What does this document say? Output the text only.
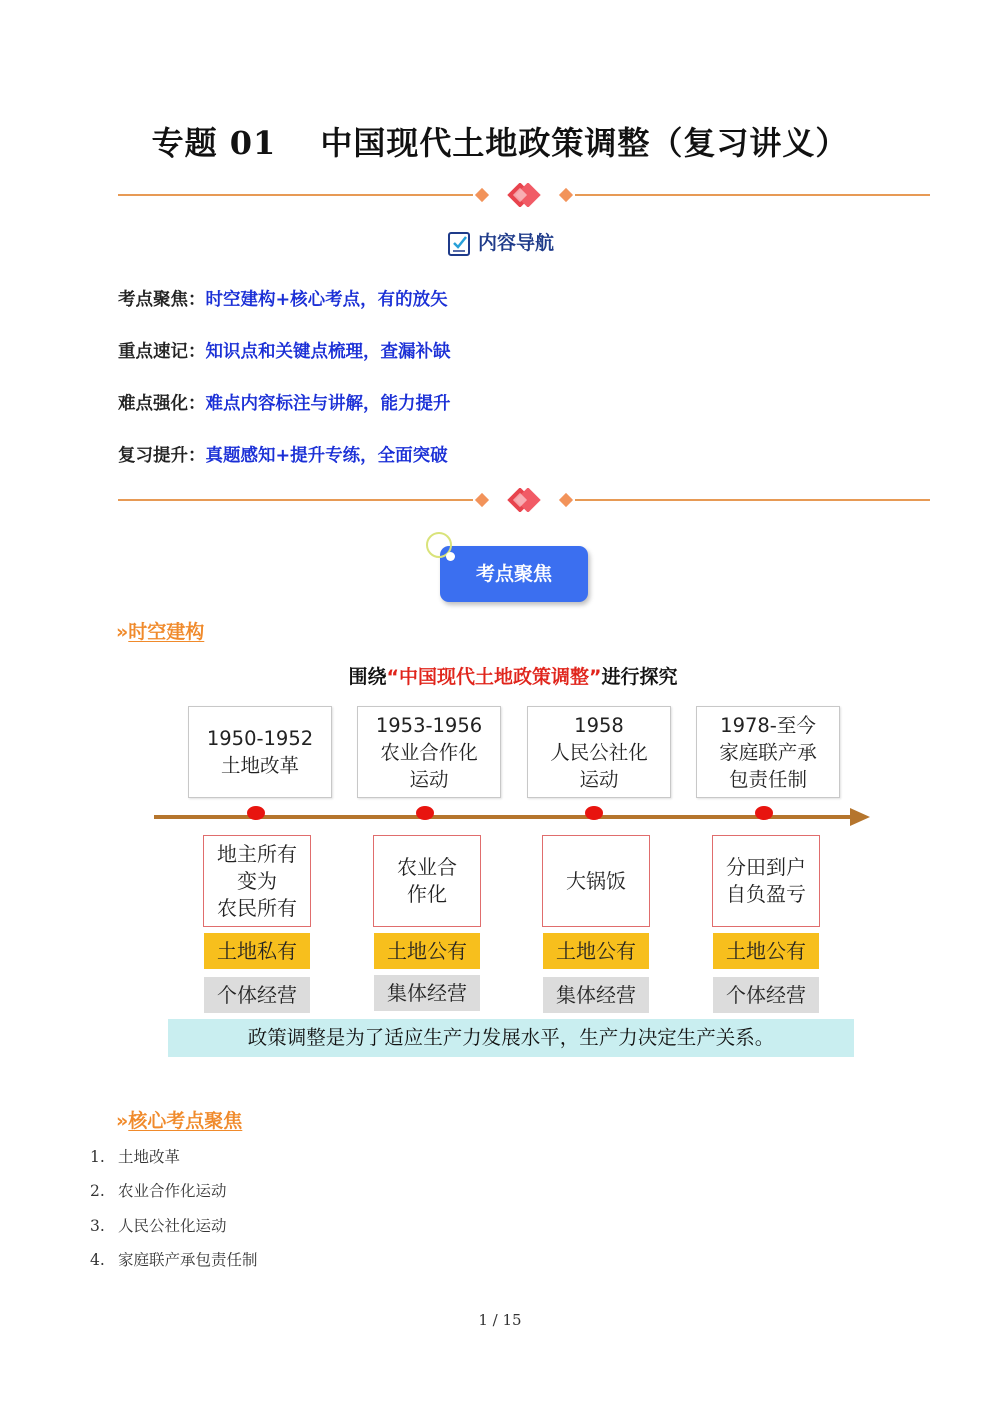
专题 01 中国现代土地政策调整（复习讲义）
内容导航
考点聚焦：时空建构+核心考点，有的放矢
重点速记：知识点和关键点梳理，查漏补缺
难点强化：难点内容标注与讲解，能力提升
复习提升：真题感知+提升专练，全面突破
考点聚焦
»时空建构
围绕“中国现代土地政策调整”进行探究
1950-1952
土地改革
1953-1956
农业合作化
运动
1958
人民公社化
运动
1978-至今
家庭联产承
包责任制
地主所有
变为
农民所有
农业合
作化
大锅饭
分田到户
自负盈亏
土地私有	土地公有	土地公有	土地公有
个体经营	集体经营	集体经营	个体经营
政策调整是为了适应生产力发展水平，生产力决定生产关系。
»核心考点聚焦
1. 土地改革
2. 农业合作化运动
3. 人民公社化运动
4. 家庭联产承包责任制
1 / 15
